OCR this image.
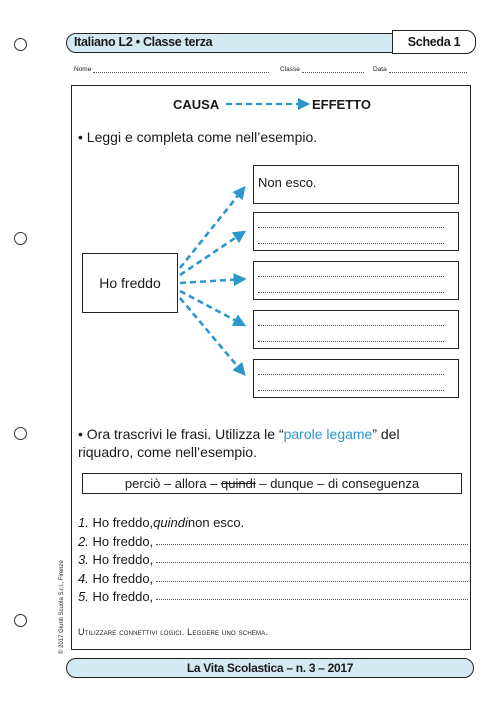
Italiano L2 • Classe terza	Scheda 1
Nome	Classe	Data
CAUSA	EFFETTO
• Leggi e completa come nell’esempio.
Ho freddo
Non esco.
• Ora trascrivi le frasi. Utilizza le “parole legame” del
riquadro, come nell’esempio.
perciò – allora – quindi – dunque – di conseguenza
1.
Ho freddo, quindi non esco.
2.
Ho freddo,
3.
Ho freddo,
4.
Ho freddo,
5.
Ho freddo,
Utilizzare connettivi logici. Leggere uno schema.
© 2017 Giunti Scuola S.r.l., Firenze
La Vita Scolastica – n. 3 – 2017
